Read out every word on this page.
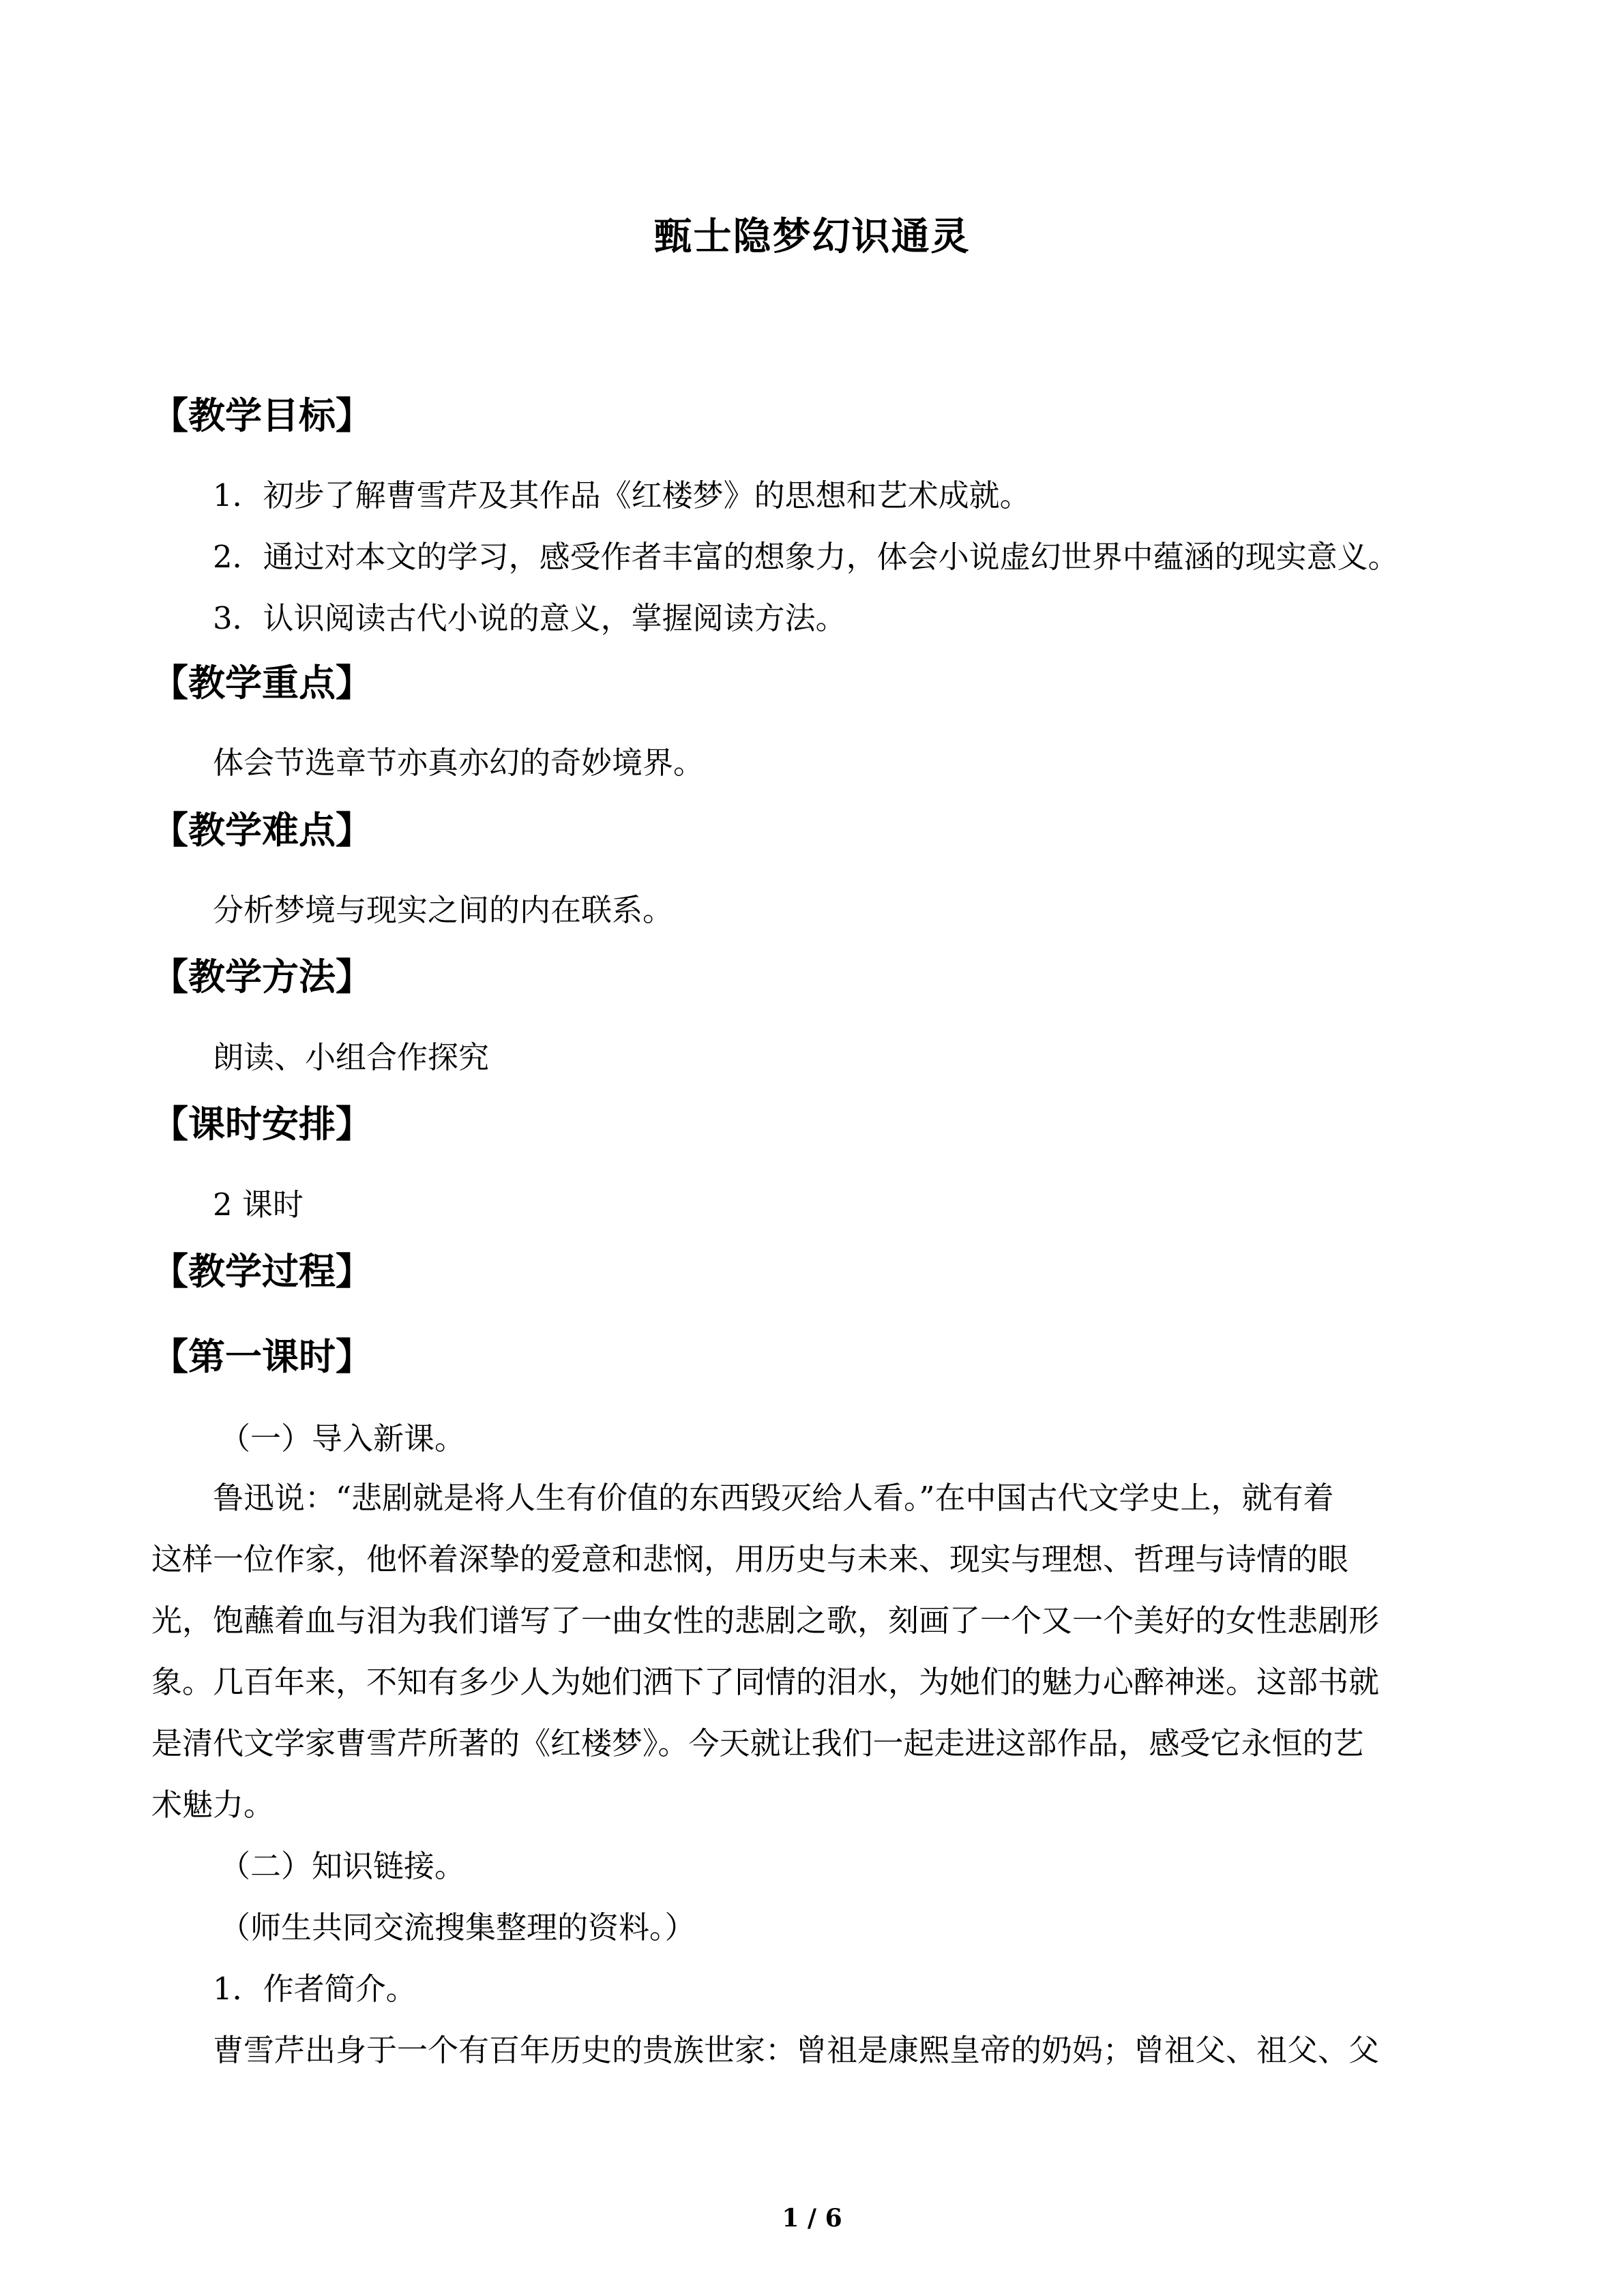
甄士隐梦幻识通灵
【教学目标】
1．初步了解曹雪芹及其作品《红楼梦》的思想和艺术成就。
2．通过对本文的学习，感受作者丰富的想象力，体会小说虚幻世界中蕴涵的现实意义。
3．认识阅读古代小说的意义，掌握阅读方法。
【教学重点】
体会节选章节亦真亦幻的奇妙境界。
【教学难点】
分析梦境与现实之间的内在联系。
【教学方法】
朗读、小组合作探究
【课时安排】
2 课时
【教学过程】
【第一课时】
（一）导入新课。
鲁迅说：“悲剧就是将人生有价值的东西毁灭给人看。”在中国古代文学史上，就有着
这样一位作家，他怀着深挚的爱意和悲悯，用历史与未来、现实与理想、哲理与诗情的眼
光，饱蘸着血与泪为我们谱写了一曲女性的悲剧之歌，刻画了一个又一个美好的女性悲剧形
象。几百年来，不知有多少人为她们洒下了同情的泪水，为她们的魅力心醉神迷。这部书就
是清代文学家曹雪芹所著的《红楼梦》。今天就让我们一起走进这部作品，感受它永恒的艺
术魅力。
（二）知识链接。
（师生共同交流搜集整理的资料。）
1．作者简介。
曹雪芹出身于一个有百年历史的贵族世家：曾祖是康熙皇帝的奶妈；曾祖父、祖父、父
1 / 6
